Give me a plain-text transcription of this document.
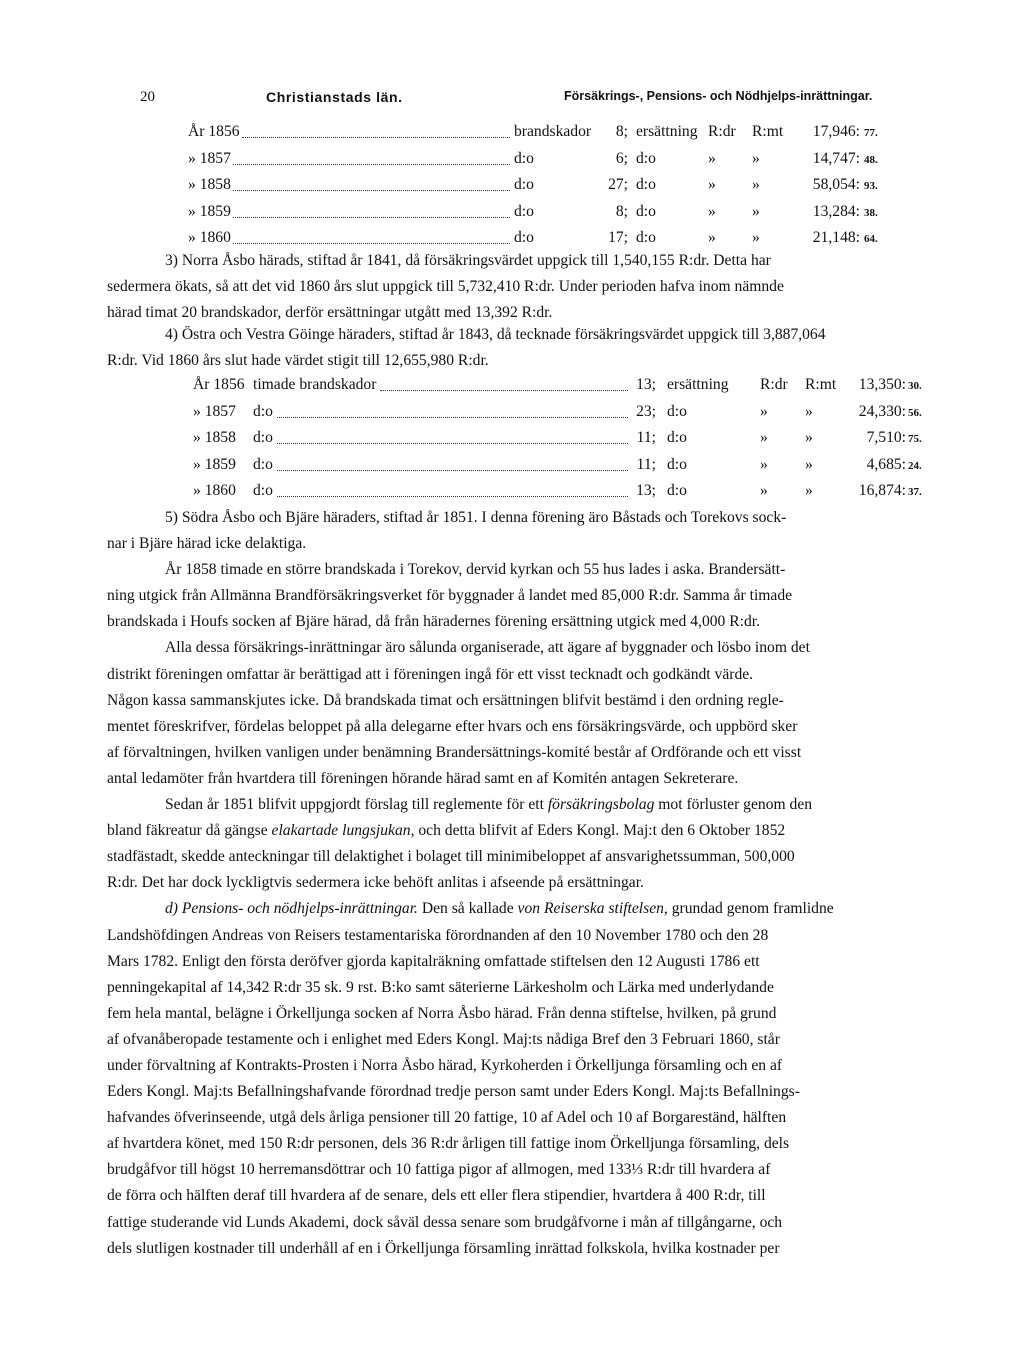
20	Christianstads län.	Försäkrings-, Pensions- och Nödhjelps-inrättningar.
År 1856	brandskador	8; ersättning R:dr R:mt	17,946: 77.
» 1857	d:o	6; d:o	» »	14,747: 48.
» 1858	d:o	27; d:o	» »	58,054: 93.
» 1859	d:o	8; d:o	» »	13,284: 38.
» 1860	d:o	17; d:o	» »	21,148: 64.
3) Norra Åsbo härads, stiftad år 1841, då försäkringsvärdet uppgick till 1,540,155 R:dr. Detta har
sedermera ökats, så att det vid 1860 års slut uppgick till 5,732,410 R:dr. Under perioden hafva inom nämnde
härad timat 20 brandskador, derför ersättningar utgått med 13,392 R:dr.
4) Östra och Vestra Göinge häraders, stiftad år 1843, då tecknade försäkringsvärdet uppgick till 3,887,064
R:dr. Vid 1860 års slut hade värdet stigit till 12,655,980 R:dr.
År 1856 timade brandskador	13; ersättning R:dr R:mt	13,350: 30.
» 1857 d:o	23; d:o	» »	24,330: 56.
» 1858 d:o	11; d:o	» »	7,510: 75.
» 1859 d:o	11; d:o	» »	4,685: 24.
» 1860 d:o	13; d:o	» »	16,874: 37.
5) Södra Åsbo och Bjäre häraders, stiftad år 1851. I denna förening äro Båstads och Torekovs sock-
nar i Bjäre härad icke delaktiga.
År 1858 timade en större brandskada i Torekov, dervid kyrkan och 55 hus lades i aska. Brandersätt-
ning utgick från Allmänna Brandförsäkringsverket för byggnader å landet med 85,000 R:dr. Samma år timade
brandskada i Houfs socken af Bjäre härad, då från häradernes förening ersättning utgick med 4,000 R:dr.
Alla dessa försäkrings-inrättningar äro sålunda organiserade, att ägare af byggnader och lösbo inom det
distrikt föreningen omfattar är berättigad att i föreningen ingå för ett visst tecknadt och godkändt värde.
Någon kassa sammanskjutes icke. Då brandskada timat och ersättningen blifvit bestämd i den ordning regle-
mentet föreskrifver, fördelas beloppet på alla delegarne efter hvars och ens försäkringsvärde, och uppbörd sker
af förvaltningen, hvilken vanligen under benämning Brandersättnings-komité består af Ordförande och ett visst
antal ledamöter från hvartdera till föreningen hörande härad samt en af Komitén antagen Sekreterare.
Sedan år 1851 blifvit uppgjordt förslag till reglemente för ett försäkringsbolag mot förluster genom den
bland fäkreatur då gängse elakartade lungsjukan, och detta blifvit af Eders Kongl. Maj:t den 6 Oktober 1852
stadfästadt, skedde anteckningar till delaktighet i bolaget till minimibeloppet af ansvarighetssumman, 500,000
R:dr. Det har dock lyckligtvis sedermera icke behöft anlitas i afseende på ersättningar.
d) Pensions- och nödhjelps-inrättningar. Den så kallade von Reiserska stiftelsen, grundad genom framlidne
Landshöfdingen Andreas von Reisers testamentariska förordnanden af den 10 November 1780 och den 28
Mars 1782. Enligt den första deröfver gjorda kapitalräkning omfattade stiftelsen den 12 Augusti 1786 ett
penningekapital af 14,342 R:dr 35 sk. 9 rst. B:ko samt säterierne Lärkesholm och Lärka med underlydande
fem hela mantal, belägne i Örkelljunga socken af Norra Åsbo härad. Från denna stiftelse, hvilken, på grund
af ofvanåberopade testamente och i enlighet med Eders Kongl. Maj:ts nådiga Bref den 3 Februari 1860, står
under förvaltning af Kontrakts-Prosten i Norra Åsbo härad, Kyrkoherden i Örkelljunga församling och en af
Eders Kongl. Maj:ts Befallningshafvande förordnad tredje person samt under Eders Kongl. Maj:ts Befallnings-
hafvandes öfverinseende, utgå dels årliga pensioner till 20 fattige, 10 af Adel och 10 af Borgareständ, hälften
af hvartdera könet, med 150 R:dr personen, dels 36 R:dr årligen till fattige inom Örkelljunga församling, dels
brudgåfvor till högst 10 herremansdöttrar och 10 fattiga pigor af allmogen, med 133⅓ R:dr till hvardera af
de förra och hälften deraf till hvardera af de senare, dels ett eller flera stipendier, hvartdera å 400 R:dr, till
fattige studerande vid Lunds Akademi, dock såväl dessa senare som brudgåfvorne i mån af tillgångarne, och
dels slutligen kostnader till underhåll af en i Örkelljunga församling inrättad folkskola, hvilka kostnader per
